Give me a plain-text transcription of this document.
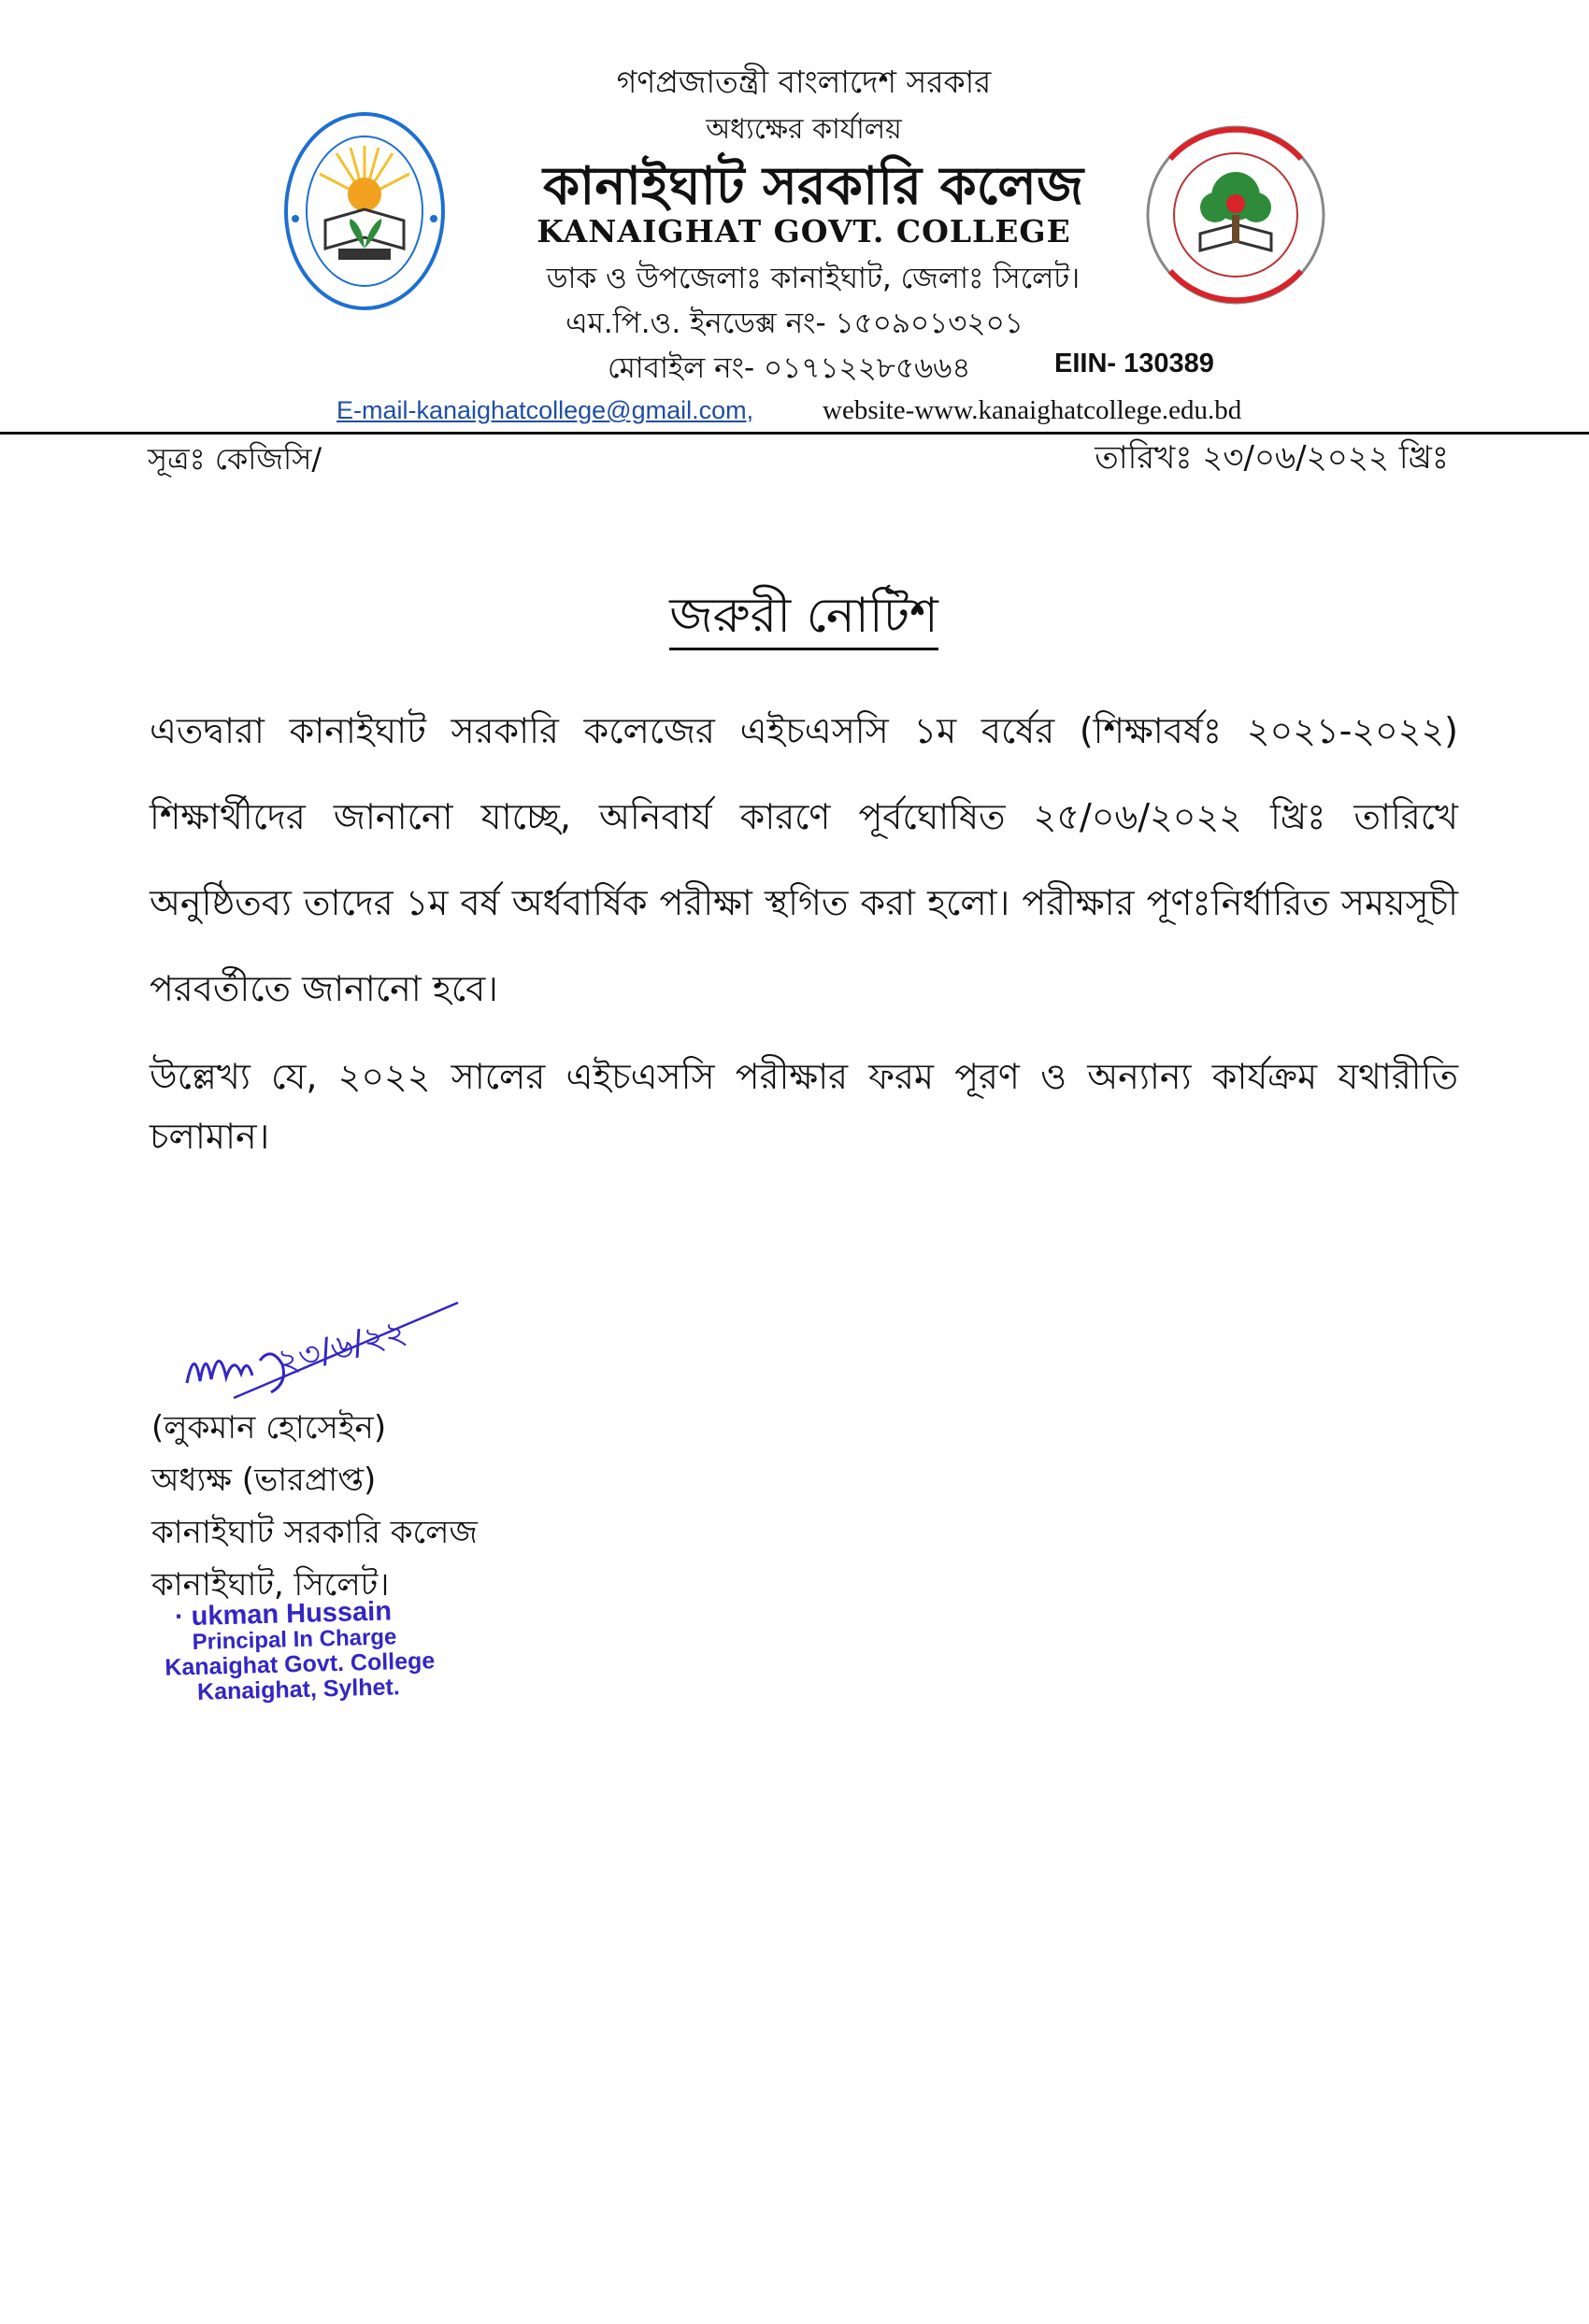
গণপ্রজাতন্ত্রী বাংলাদেশ সরকার
অধ্যক্ষের কার্যালয়
কানাইঘাট সরকারি কলেজ
KANAIGHAT GOVT. COLLEGE
ডাক ও উপজেলাঃ কানাইঘাট, জেলাঃ সিলেট।
এম.পি.ও. ইনডেক্স নং- ১৫০৯০১৩২০১
মোবাইল নং- ০১৭১২২৮৫৬৬৪	EIIN- 130389
E-mail-kanaighatcollege@gmail.com,	website-www.kanaighatcollege.edu.bd
সূত্রঃ কেজিসি/	তারিখঃ ২৩/০৬/২০২২ খ্রিঃ
জরুরী নোটিশ
এতদ্বারা কানাইঘাট সরকারি কলেজের এইচএসসি ১ম বর্ষের (শিক্ষাবর্ষঃ ২০২১-২০২২) শিক্ষার্থীদের জানানো যাচ্ছে, অনিবার্য কারণে পূর্বঘোষিত ২৫/০৬/২০২২ খ্রিঃ তারিখে অনুষ্ঠিতব্য তাদের ১ম বর্ষ অর্ধবার্ষিক পরীক্ষা স্থগিত করা হলো। পরীক্ষার পূণঃনির্ধারিত সময়সূচী পরবর্তীতে জানানো হবে।
উল্লেখ্য যে, ২০২২ সালের এইচএসসি পরীক্ষার ফরম পূরণ ও অন্যান্য কার্যক্রম যথারীতি চলামান।
২৩/৬/২২
(লুকমান হোসেইন)
অধ্যক্ষ (ভারপ্রাপ্ত)
কানাইঘাট সরকারি কলেজ
কানাইঘাট, সিলেট।
· ukman Hussain
Principal In Charge
Kanaighat Govt. College
Kanaighat, Sylhet.
